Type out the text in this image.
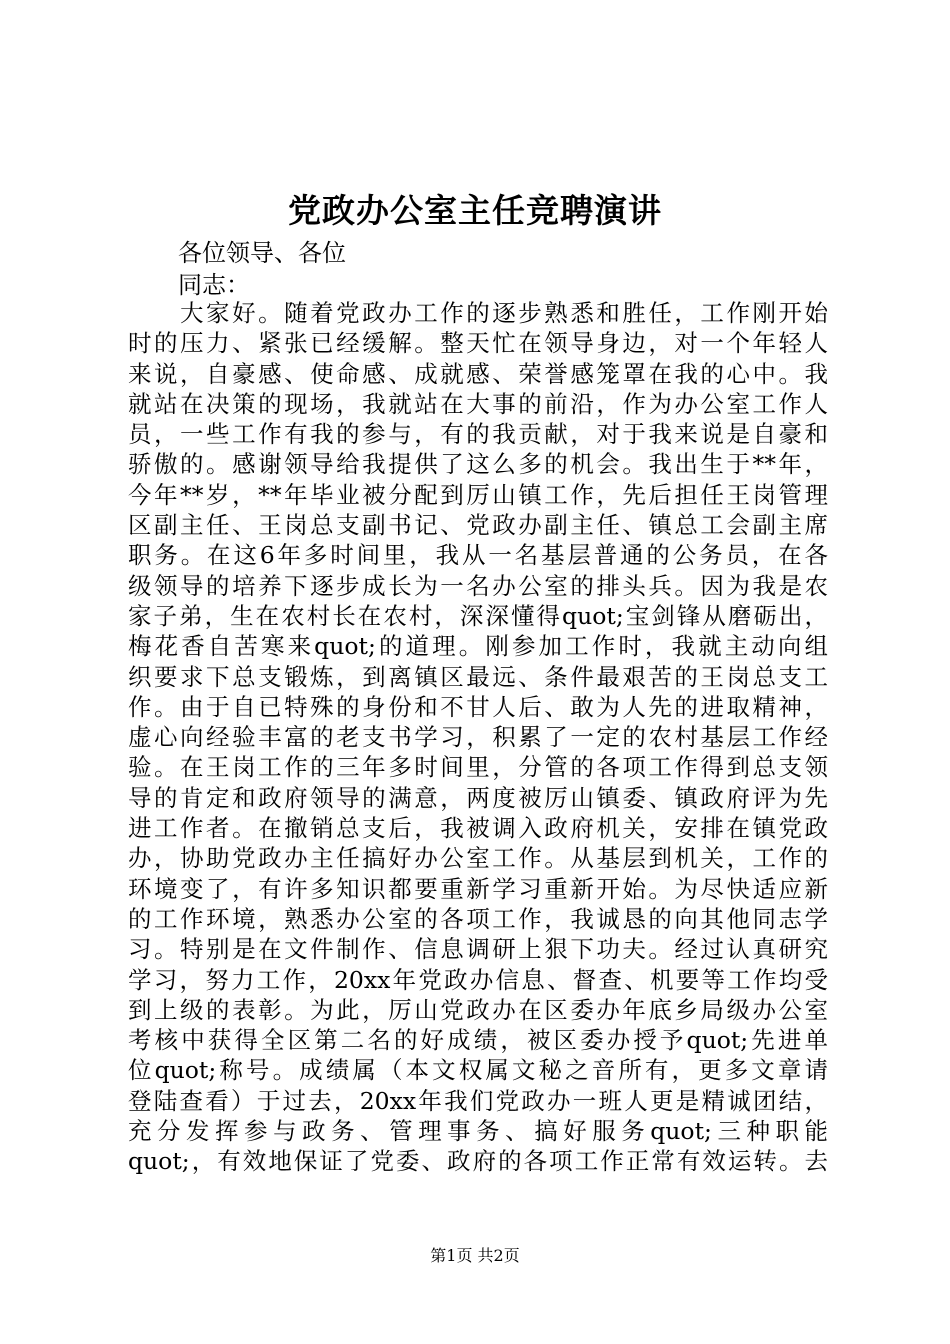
党政办公室主任竞聘演讲
各位领导、各位
同志：
　　大家好。随着党政办工作的逐步熟悉和胜任，工作刚开始
时的压力、紧张已经缓解。整天忙在领导身边，对一个年轻人
来说，自豪感、使命感、成就感、荣誉感笼罩在我的心中。我
就站在决策的现场，我就站在大事的前沿，作为办公室工作人
员，一些工作有我的参与，有的我贡献，对于我来说是自豪和
骄傲的。感谢领导给我提供了这么多的机会。我出生于**年，
今年**岁，**年毕业被分配到厉山镇工作，先后担任王岗管理
区副主任、王岗总支副书记、党政办副主任、镇总工会副主席
职务。在这6年多时间里，我从一名基层普通的公务员，在各
级领导的培养下逐步成长为一名办公室的排头兵。因为我是农
家子弟，生在农村长在农村，深深懂得quot;宝剑锋从磨砺出，
梅花香自苦寒来quot;的道理。刚参加工作时，我就主动向组
织要求下总支锻炼，到离镇区最远、条件最艰苦的王岗总支工
作。由于自已特殊的身份和不甘人后、敢为人先的进取精神，
虚心向经验丰富的老支书学习，积累了一定的农村基层工作经
验。在王岗工作的三年多时间里，分管的各项工作得到总支领
导的肯定和政府领导的满意，两度被厉山镇委、镇政府评为先
进工作者。在撤销总支后，我被调入政府机关，安排在镇党政
办，协助党政办主任搞好办公室工作。从基层到机关，工作的
环境变了，有许多知识都要重新学习重新开始。为尽快适应新
的工作环境，熟悉办公室的各项工作，我诚恳的向其他同志学
习。特别是在文件制作、信息调研上狠下功夫。经过认真研究
学习，努力工作，20xx年党政办信息、督查、机要等工作均受
到上级的表彰。为此，厉山党政办在区委办年底乡局级办公室
考核中获得全区第二名的好成绩，被区委办授予quot;先进单
位quot;称号。成绩属（本文权属文秘之音所有，更多文章请
登陆查看）于过去，20xx年我们党政办一班人更是精诚团结，
充分发挥参与政务、管理事务、搞好服务quot;三种职能
quot;，有效地保证了党委、政府的各项工作正常有效运转。去
第1页 共2页
